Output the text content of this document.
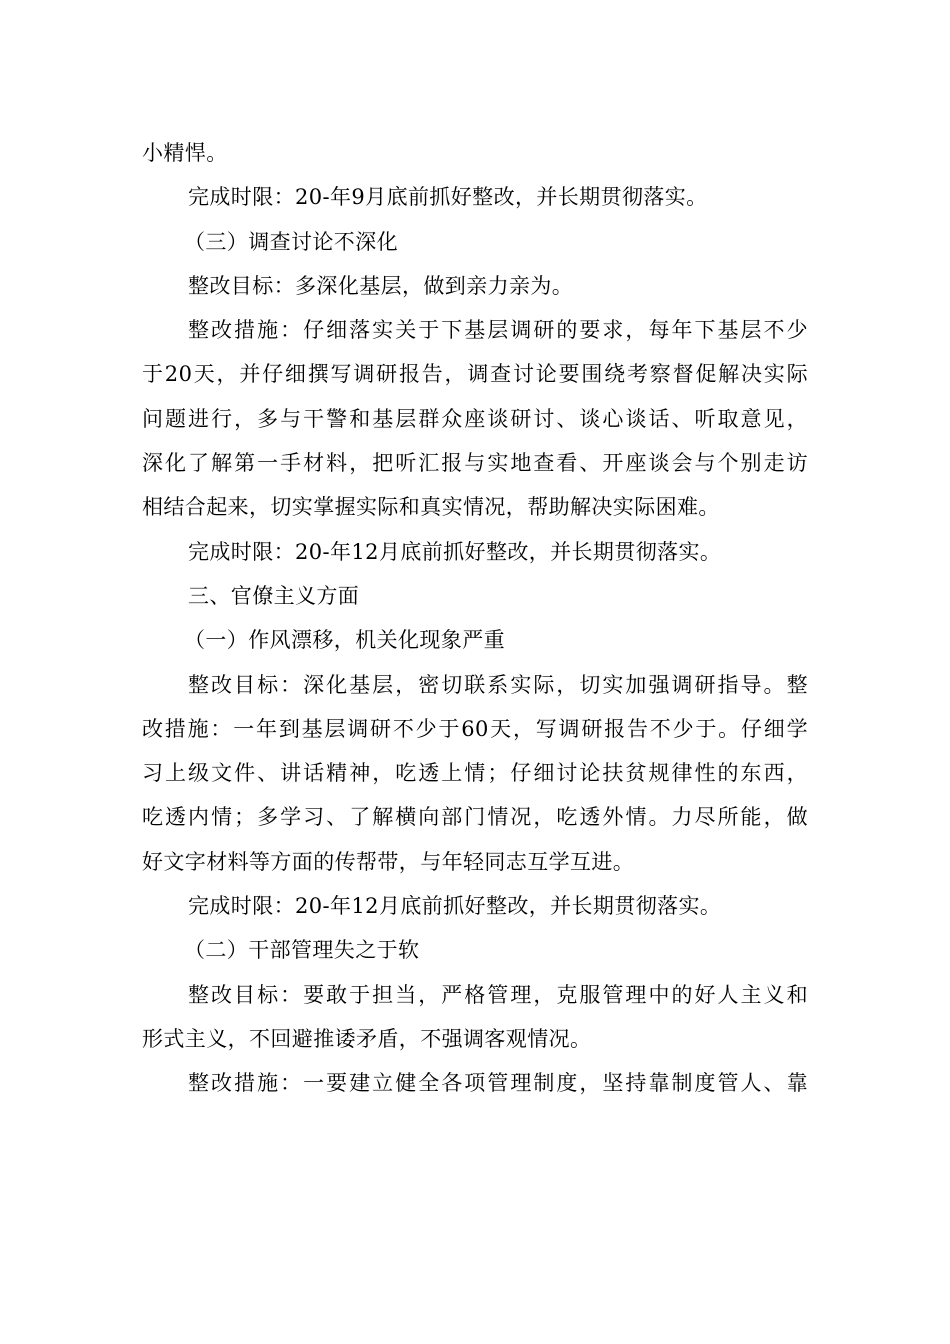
小精悍。
完成时限：20-年9月底前抓好整改，并长期贯彻落实。
（三）调查讨论不深化
整改目标：多深化基层，做到亲力亲为。
整改措施：仔细落实关于下基层调研的要求，每年下基层不少
于20天，并仔细撰写调研报告，调查讨论要围绕考察督促解决实际
问题进行，多与干警和基层群众座谈研讨、谈心谈话、听取意见，
深化了解第一手材料，把听汇报与实地查看、开座谈会与个别走访
相结合起来，切实掌握实际和真实情况，帮助解决实际困难。
完成时限：20-年12月底前抓好整改，并长期贯彻落实。
三、官僚主义方面
（一）作风漂移，机关化现象严重
整改目标：深化基层，密切联系实际，切实加强调研指导。整
改措施：一年到基层调研不少于60天，写调研报告不少于。仔细学
习上级文件、讲话精神，吃透上情；仔细讨论扶贫规律性的东西，
吃透内情；多学习、了解横向部门情况，吃透外情。力尽所能，做
好文字材料等方面的传帮带，与年轻同志互学互进。
完成时限：20-年12月底前抓好整改，并长期贯彻落实。
（二）干部管理失之于软
整改目标：要敢于担当，严格管理，克服管理中的好人主义和
形式主义，不回避推诿矛盾，不强调客观情况。
整改措施：一要建立健全各项管理制度，坚持靠制度管人、靠
